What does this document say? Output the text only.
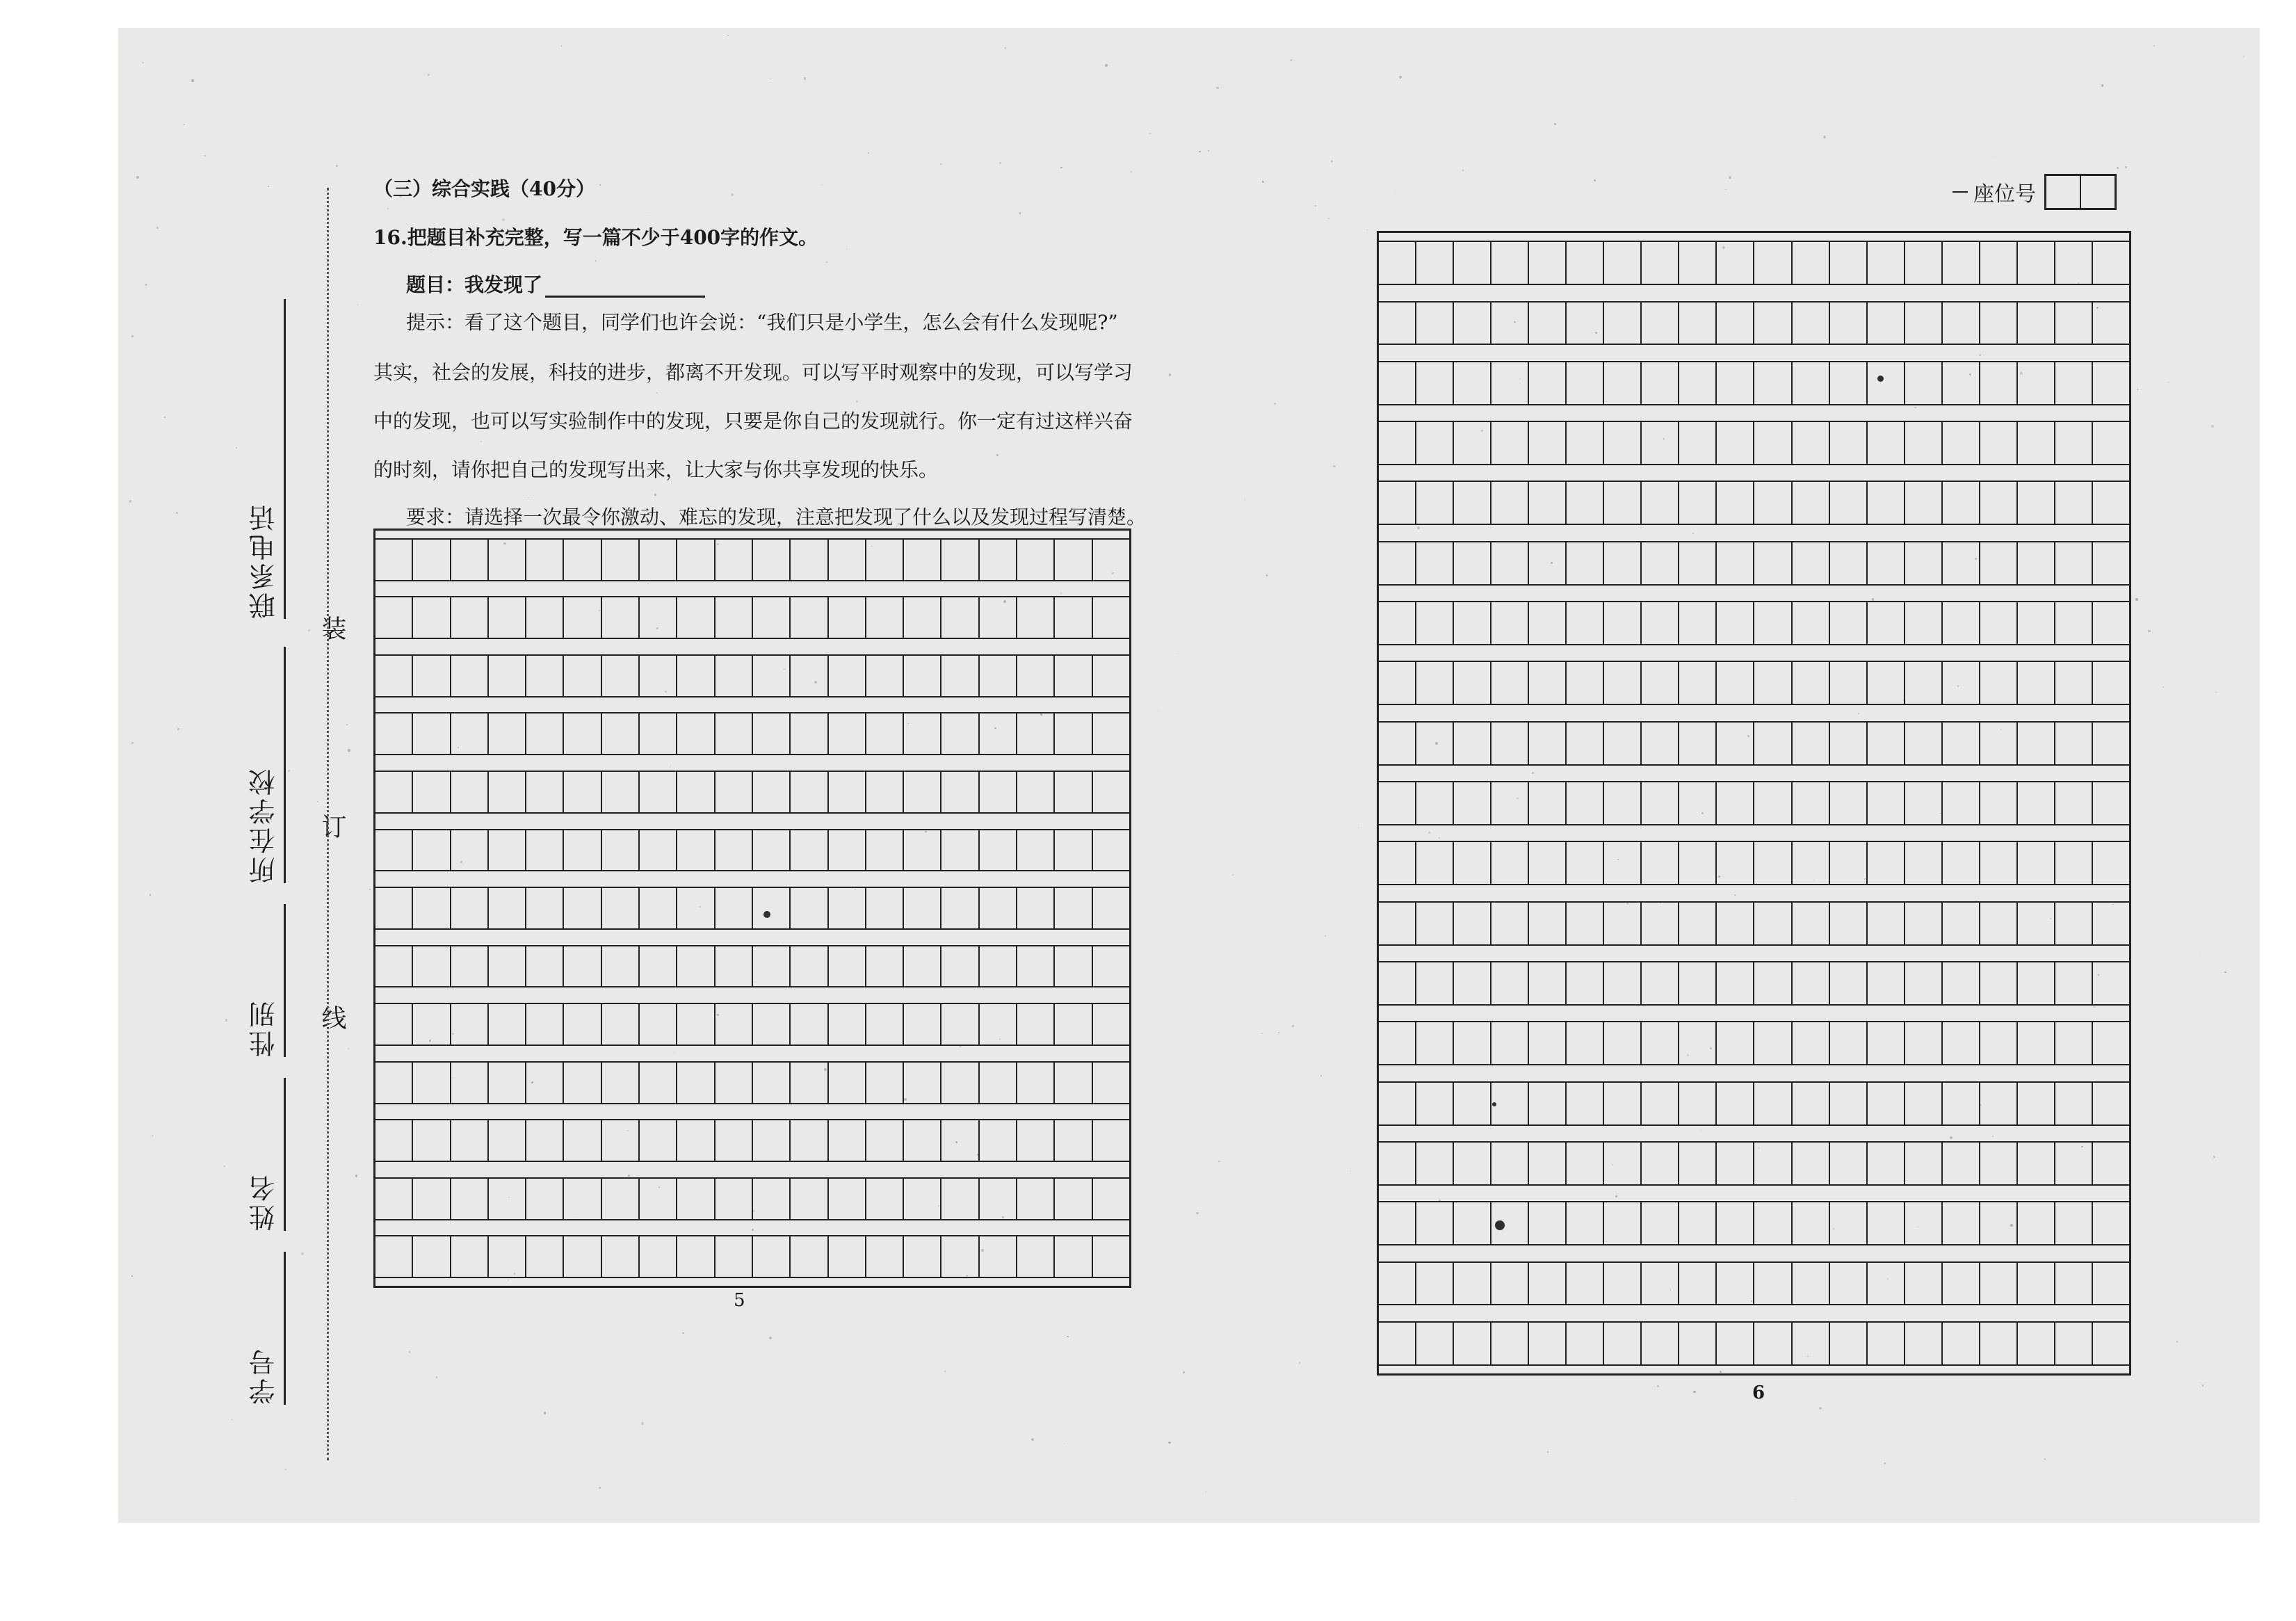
联系电话
所在学校
性别
姓名
学号
装
订
线
（三）综合实践（40分）
16.把题目补充完整，写一篇不少于400字的作文。
题目：我发现了
提示：看了这个题目，同学们也许会说：“我们只是小学生，怎么会有什么发现呢?”
其实，社会的发展，科技的进步，都离不开发现。可以写平时观察中的发现，可以写学习
中的发现，也可以写实验制作中的发现，只要是你自己的发现就行。你一定有过这样兴奋
的时刻，请你把自己的发现写出来，让大家与你共享发现的快乐。
要求：请选择一次最令你激动、难忘的发现，注意把发现了什么以及发现过程写清楚。
5
座位号
6
